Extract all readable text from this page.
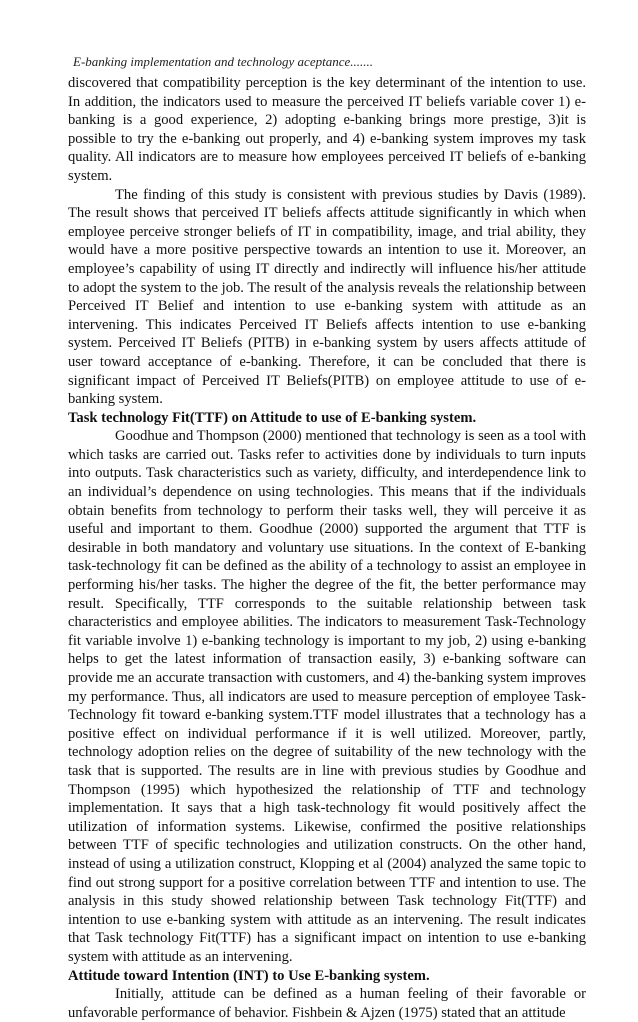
E-banking implementation and technology aceptance.......

discovered that compatibility perception is the key determinant of the intention to use. In addition, the indicators used to measure the perceived IT beliefs variable cover 1) e-banking is a good experience, 2) adopting e-banking brings more prestige, 3)it is possible to try the e-banking out properly, and 4) e-banking system improves my task quality. All indicators are to measure how employees perceived IT beliefs of e-banking system.

The finding of this study is consistent with previous studies by Davis (1989). The result shows that perceived IT beliefs affects attitude significantly in which when employee perceive stronger beliefs of IT in compatibility, image, and trial ability, they would have a more positive perspective towards an intention to use it. Moreover, an employee’s capability of using IT directly and indirectly will influence his/her attitude to adopt the system to the job. The result of the analysis reveals the relationship between Perceived IT Belief and intention to use e-banking system with attitude as an intervening. This indicates Perceived IT Beliefs affects intention to use e-banking system. Perceived IT Beliefs (PITB) in e-banking system by users affects attitude of user toward acceptance of e-banking. Therefore, it can be concluded that there is significant impact of Perceived IT Beliefs(PITB) on employee attitude to use of e-banking system.

Task technology Fit(TTF) on Attitude to use of E-banking system.

Goodhue and Thompson (2000) mentioned that technology is seen as a tool with which tasks are carried out. Tasks refer to activities done by individuals to turn inputs into outputs. Task characteristics such as variety, difficulty, and interdependence link to an individual’s dependence on using technologies. This means that if the individuals obtain benefits from technology to perform their tasks well, they will perceive it as useful and important to them. Goodhue (2000) supported the argument that TTF is desirable in both mandatory and voluntary use situations. In the context of E-banking task-technology fit can be defined as the ability of a technology to assist an employee in performing his/her tasks. The higher the degree of the fit, the better performance may result. Specifically, TTF corresponds to the suitable relationship between task characteristics and employee abilities. The indicators to measurement Task-Technology fit variable involve 1) e-banking technology is important to my job, 2) using e-banking helps to get the latest information of transaction easily, 3) e-banking software can provide me an accurate transaction with customers, and 4) the-banking system improves my performance. Thus, all indicators are used to measure perception of employee Task-Technology fit toward e-banking system.TTF model illustrates that a technology has a positive effect on individual performance if it is well utilized. Moreover, partly, technology adoption relies on the degree of suitability of the new technology with the task that is supported. The results are in line with previous studies by Goodhue and Thompson (1995) which hypothesized the relationship of TTF and technology implementation. It says that a high task-technology fit would positively affect the utilization of information systems. Likewise, confirmed the positive relationships between TTF of specific technologies and utilization constructs. On the other hand, instead of using a utilization construct, Klopping et al (2004) analyzed the same topic to find out strong support for a positive correlation between TTF and intention to use. The analysis in this study showed relationship between Task technology Fit(TTF) and intention to use e-banking system with attitude as an intervening. The result indicates that Task technology Fit(TTF) has a significant impact on intention to use e-banking system with attitude as an intervening.

Attitude toward Intention (INT) to Use E-banking system.

Initially, attitude can be defined as a human feeling of their favorable or unfavorable performance of behavior. Fishbein & Ajzen (1975) stated that an attitude
